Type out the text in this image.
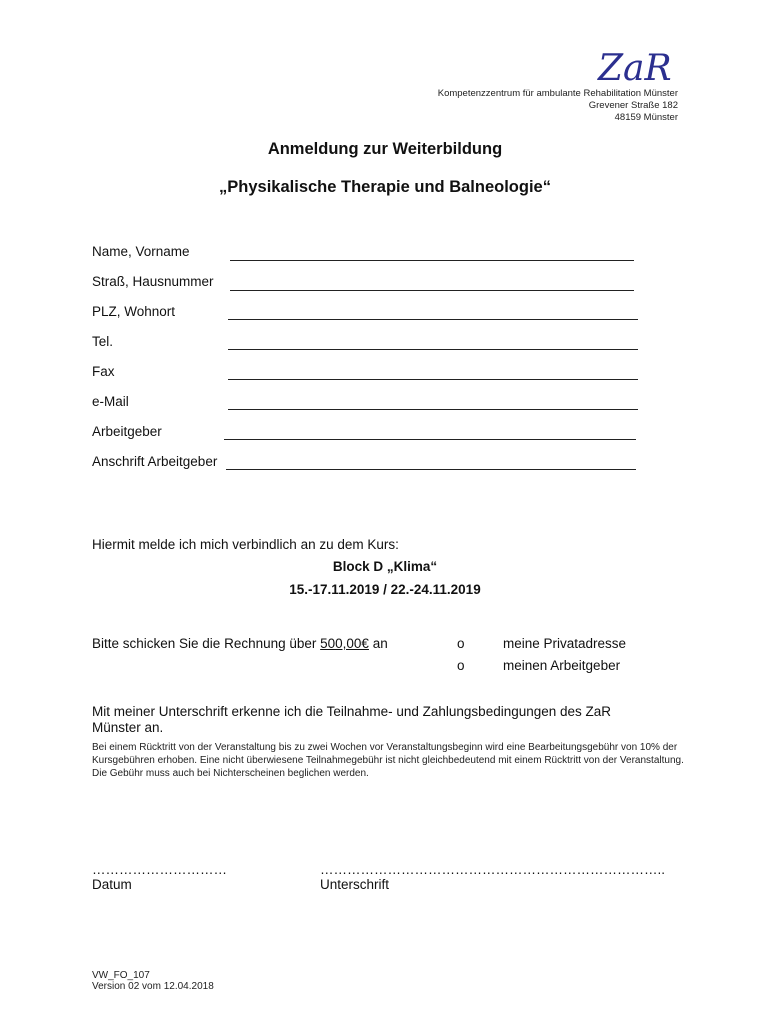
ZaR
Kompetenzzentrum für ambulante Rehabilitation Münster
Grevener Straße 182
48159 Münster
Anmeldung zur Weiterbildung
„Physikalische Therapie und Balneologie“
Name, Vorname
Straß, Hausnummer
PLZ, Wohnort
Tel.
Fax
e-Mail
Arbeitgeber
Anschrift Arbeitgeber
Hiermit melde ich mich verbindlich an zu dem Kurs:
Block D „Klima“
15.-17.11.2019 / 22.-24.11.2019
Bitte schicken Sie die Rechnung über 500,00€ an	o	meine Privatadresse
o	meinen Arbeitgeber
Mit meiner Unterschrift erkenne ich die Teilnahme- und Zahlungsbedingungen des ZaR Münster an.
Bei einem Rücktritt von der Veranstaltung bis zu zwei Wochen vor Veranstaltungsbeginn wird eine Bearbeitungsgebühr von 10% der Kursgebühren erhoben. Eine nicht überwiesene Teilnahmegebühr ist nicht gleichbedeutend mit einem Rücktritt von der Veranstaltung. Die Gebühr muss auch bei Nichterscheinen beglichen werden.
…………………………
Datum
…………………………………………………………………..
Unterschrift
VW_FO_107
Version 02 vom 12.04.2018
